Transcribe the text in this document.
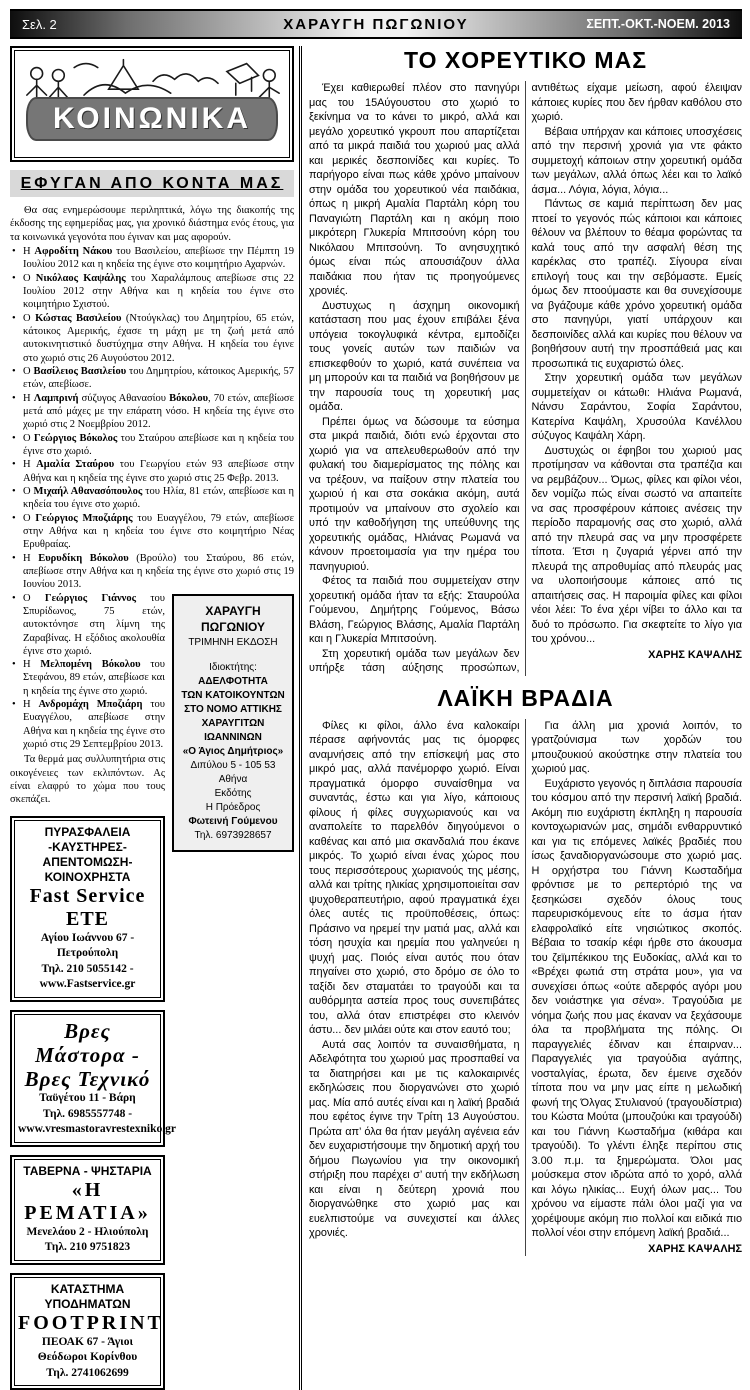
Σελ. 2	ΧΑΡΑΥΓΗ ΠΩΓΩΝΙΟΥ	ΣΕΠΤ.-ΟΚΤ.-ΝΟΕΜ. 2013
ΚΟΙΝΩΝΙΚΑ
ΕΦΥΓΑΝ ΑΠΟ ΚΟΝΤΑ ΜΑΣ

Θα σας ενημερώσουμε περιληπτικά, λόγω της διακοπής της έκδοσης της εφημερίδας μας, για χρονικό διάστημα ενός έτους, για τα κοινωνικά γεγονότα που έγιναν και μας αφορούν.

• Η Αφροδίτη Νάκου του Βασιλείου, απεβίωσε την Πέμπτη 19 Ιουλίου 2012 και η κηδεία της έγινε στο κοιμητήριο Αχαρνών.

• Ο Νικόλαος Καψάλης του Χαραλάμπους απεβίωσε στις 22 Ιουλίου 2012 στην Αθήνα και η κηδεία του έγινε στο κοιμητήριο Σχιστού.

• Ο Κώστας Βασιλείου (Ντούγκλας) του Δημητρίου, 65 ετών, κάτοικος Αμερικής, έχασε τη μάχη με τη ζωή μετά από αυτοκινητιστικό δυστύχημα στην Αθήνα. Η κηδεία του έγινε στο χωριό στις 26 Αυγούστου 2012.

• Ο Βασίλειος Βασιλείου του Δημητρίου, κάτοικος Αμερικής, 57 ετών, απεβίωσε.

• Η Λαμπρινή σύζυγος Αθανασίου Βόκολου, 70 ετών, απεβίωσε μετά από μάχες με την επάρατη νόσο. Η κηδεία της έγινε στο χωριό στις 2 Νοεμβρίου 2012.

• Ο Γεώργιος Βόκολος του Σταύρου απεβίωσε και η κηδεία του έγινε στο χωριό.

• Η Αμαλία Σταύρου του Γεωργίου ετών 93 απεβίωσε στην Αθήνα και η κηδεία της έγινε στο χωριό στις 25 Φεβρ. 2013.

• Ο Μιχαήλ Αθανασόπουλος του Ηλία, 81 ετών, απεβίωσε και η κηδεία του έγινε στο χωριό.

• Ο Γεώργιος Μποζιάρης του Ευαγγέλου, 79 ετών, απεβίωσε στην Αθήνα και η κηδεία του έγινε στο κοιμητήριο Νέας Ερυθραίας.

• Η Ευρυδίκη Βόκολου (Βρούλο) του Σταύρου, 86 ετών, απεβίωσε στην Αθήνα και η κηδεία της έγινε στο χωριό στις 19 Ιουνίου 2013.

ΧΑΡΑΥΓΗ
ΠΩΓΩΝΙΟΥ
ΤΡΙΜΗΝΗ ΕΚΔΟΣΗ
Ιδιοκτήτης:
ΑΔΕΛΦΟΤΗΤΑ
ΤΩΝ ΚΑΤΟΙΚΟΥΝΤΩΝ
ΣΤΟ ΝΟΜΟ ΑΤΤΙΚΗΣ
ΧΑΡΑΥΓΙΤΩΝ ΙΩΑΝΝΙΝΩΝ
«Ο Άγιος Δημήτριος»
Διπύλου 5 - 105 53 Αθήνα
Εκδότης
Η Πρόεδρος
Φωτεινή Γούμενου
Τηλ. 6973928657

• Ο Γεώργιος Γιάννος του Σπυρίδωνος, 75 ετών, αυτοκτόνησε στη λίμνη της Ζαραβίνας. Η εξόδιος ακολουθία έγινε στο χωριό.

• Η Μελπομένη Βόκολου του Στεφάνου, 89 ετών, απεβίωσε και η κηδεία της έγινε στο χωριό.

• Η Ανδρομάχη Μποζιάρη του Ευαγγέλου, απεβίωσε στην Αθήνα και η κηδεία της έγινε στο χωριό στις 29 Σεπτεμβρίου 2013.

Τα θερμά μας συλλυπητήρια στις οικογένειες των εκλιπόντων. Ας είναι ελαφρύ το χώμα που τους σκεπάζει.

ΠΥΡΑΣΦΑΛΕΙΑ -ΚΑΥΣΤΗΡΕΣ-ΑΠΕΝΤΟΜΩΣΗ-ΚΟΙΝΟΧΡΗΣΤΑ
Fast Service ETE
Αγίου Ιωάννου 67 - Πετρούπολη
Τηλ. 210 5055142 - www.Fastservice.gr
Βρες Μάστορα - Βρες Τεχνικό
Ταϋγέτου 11 - Βάρη
Τηλ. 6985557748 - www.vresmastoravrestexniko.gr
ΤΑΒΕΡΝΑ - ΨΗΣΤΑΡΙΑ
«Η ΡΕΜΑΤΙΑ»
Μενελάου 2 - Ηλιούπολη
Τηλ. 210 9751823
ΚΑΤΑΣΤΗΜΑ ΥΠΟΔΗΜΑΤΩΝ
FOOTPRINT
ΠΕΟΑΚ 67 - Άγιοι Θεόδωροι Κορίνθου
Τηλ. 2741062699
ΤΟ ΧΟΡΕΥΤΙΚΟ ΜΑΣ

Έχει καθιερωθεί πλέον στο πανηγύρι μας του 15Αύγουστου στο χωριό το ξεκίνημα να το κάνει το μικρό, αλλά και μεγάλο χορευτικό γκρουπ που απαρτίζεται από τα μικρά παιδιά του χωριού μας αλλά και μερικές δεσποινίδες και κυρίες. Το παρήγορο είναι πως κάθε χρόνο μπαίνουν στην ομάδα του χορευτικού νέα παιδάκια, όπως η μικρή Αμαλία Παρτάλη κόρη του Παναγιώτη Παρτάλη και η ακόμη ποιο μικρότερη Γλυκερία Μπιτσούνη κόρη του Νικόλαου Μπιτσούνη. Το ανησυχητικό όμως είναι πώς απουσιάζουν άλλα παιδάκια που ήταν τις προηγούμενες χρονιές.

Δυστυχως η άσχημη οικονομική κατάσταση που μας έχουν επιβάλει ξένα υπόγεια τοκογλυφικά κέντρα, εμποδίζει τους γονείς αυτών των παιδιών να επισκεφθούν το χωριό, κατά συνέπεια να μη μπορούν και τα παιδιά να βοηθήσουν με την παρουσία τους τη χορευτική μας ομάδα.

Πρέπει όμως να δώσουμε τα εύσημα στα μικρά παιδιά, διότι ενώ έρχονται στο χωριό για να απελευθερωθούν από την φυλακή του διαμερίσματος της πόλης και να τρέξουν, να παίξουν στην πλατεία του χωριού ή και στα σοκάκια ακόμη, αυτά προτιμούν να μπαίνουν στο σχολείο και υπό την καθοδήγηση της υπεύθυνης της χορευτικής ομάδας, Ηλιάνας Ρωμανά να κάνουν προετοιμασία για την ημέρα του πανηγυριού.

Φέτος τα παιδιά που συμμετείχαν στην χορευτική ομάδα ήταν τα εξής: Σταυρούλα Γούμενου, Δημήτρης Γούμενος, Βάσω Βλάση, Γεώργιος Βλάσης, Αμαλία Παρτάλη και η Γλυκερία Μπιτσούνη.

Στη χορευτική ομάδα των μεγάλων δεν υπήρξε τάση αύξησης προσώπων, αντιθέτως είχαμε μείωση, αφού έλειψαν κάποιες κυρίες που δεν ήρθαν καθόλου στο χωριό.

Βέβαια υπήρχαν και κάποιες υποσχέσεις από την περσινή χρονιά για ντε φάκτο συμμετοχή κάποιων στην χορευτική ομάδα των μεγάλων, αλλά όπως λέει και το λαϊκό άσμα... Λόγια, λόγια, λόγια...

Πάντως σε καμιά περίπτωση δεν μας πτοεί το γεγονός πώς κάποιοι και κάποιες θέλουν να βλέπουν το θέαμα φορώντας τα καλά τους από την ασφαλή θέση της καρέκλας στο τραπέζι. Σίγουρα είναι επιλογή τους και την σεβόμαστε. Εμείς όμως δεν πτοούμαστε και θα συνεχίσουμε να βγάζουμε κάθε χρόνο χορευτική ομάδα στο πανηγύρι, γιατί υπάρχουν και δεσποινίδες αλλά και κυρίες που θέλουν να βοηθήσουν αυτή την προσπάθειά μας και προσωπικά τις ευχαριστώ όλες.

Στην χορευτική ομάδα των μεγάλων συμμετείχαν οι κάτωθι: Ηλιάνα Ρωμανά, Νάνσυ Σαράντου, Σοφία Σαράντου, Κατερίνα Καψάλη, Χρυσούλα Κανέλλου σύζυγος Καψάλη Χάρη.

Δυστυχώς οι έφηβοι του χωριού μας προτίμησαν να κάθονται στα τραπέζια και να ρεμβάζουν... Όμως, φίλες και φίλοι νέοι, δεν νομίζω πώς είναι σωστό να απαιτείτε να σας προσφέρουν κάποιες ανέσεις την περίοδο παραμονής σας στο χωριό, αλλά από την πλευρά σας να μην προσφέρετε τίποτα. Έτσι η ζυγαριά γέρνει από την πλευρά της απροθυμίας από πλευράς μας να υλοποιήσουμε κάποιες από τις απαιτήσεις σας. Η παροιμία φίλες και φίλοι νέοι λέει: Το ένα χέρι νίβει το άλλο και τα δυό το πρόσωπο. Για σκεφτείτε το λίγο για του χρόνου...

ΧΑΡΗΣ ΚΑΨΑΛΗΣ

ΛΑΪΚΗ ΒΡΑΔΙΑ

Φίλες κι φίλοι, άλλο ένα καλοκαίρι πέρασε αφήνοντάς μας τις όμορφες αναμνήσεις από την επίσκεψή μας στο μικρό μας, αλλά πανέμορφο χωριό. Είναι πραγματικά όμορφο συναίσθημα να συναντάς, έστω και για λίγο, κάποιους φίλους ή φίλες συγχωριανούς και να αναπολείτε το παρελθόν διηγούμενοι ο καθένας και από μια σκανδαλιά που έκανε μικρός. Το χωριό είναι ένας χώρος που τους περισσότερους χωριανούς της μέσης, αλλά και τρίτης ηλικίας χρησιμοποιείται σαν ψυχοθεραπευτήριο, αφού πραγματικά έχει όλες αυτές τις προϋποθέσεις, όπως: Πράσινο να ηρεμεί την ματιά μας, αλλά και τόση ησυχία και ηρεμία που γαληνεύει η ψυχή μας. Ποιός είναι αυτός που όταν πηγαίνει στο χωριό, στο δρόμο σε όλο το ταξίδι δεν σταματάει το τραγούδι και τα αυθόρμητα αστεία προς τους συνεπιβάτες του, αλλά όταν επιστρέφει στο κλεινόν άστυ... δεν μιλάει ούτε και στον εαυτό του;

Αυτά σας λοιπόν τα συναισθήματα, η Αδελφότητα του χωριού μας προσπαθεί να τα διατηρήσει και με τις καλοκαιρινές εκδηλώσεις που διοργανώνει στο χωριό μας. Μία από αυτές είναι και η λαϊκή βραδιά που εφέτος έγινε την Τρίτη 13 Αυγούστου. Πρώτα απ’ όλα θα ήταν μεγάλη αγένεια εάν δεν ευχαριστήσουμε την δημοτική αρχή του δήμου Πωγωνίου για την οικονομική στήριξη που παρέχει σ’ αυτή την εκδήλωση και είναι η δεύτερη χρονιά που διοργανώθηκε στο χωριό μας και ευελπιστούμε να συνεχιστεί και άλλες χρονιές.

Για άλλη μια χρονιά λοιπόν, το γρατζούνισμα των χορδών του μπουζουκιού ακούστηκε στην πλατεία του χωριού μας.

Ευχάριστο γεγονός η διπλάσια παρουσία του κόσμου από την περσινή λαϊκή βραδιά. Ακόμη πιο ευχάριστη έκπληξη η παρουσία κοντοχωριανών μας, σημάδι ενθαρρυντικό και για τις επόμενες λαϊκές βραδιές που ίσως ξαναδιοργανώσουμε στο χωριό μας. Η ορχήστρα του Γιάννη Κωσταδήμα φρόντισε με το ρεπερτόριό της να ξεσηκώσει σχεδόν όλους τους παρευρισκόμενους είτε το άσμα ήταν ελαφρολαϊκό είτε νησιώτικος σκοπός. Βέβαια το τσακίρ κέφι ήρθε στο άκουσμα του ζεϊμπέκικου της Ευδοκίας, αλλά και το «Βρέχει φωτιά στη στράτα μου», για να συνεχίσει όπως «ούτε αδερφός αγόρι μου δεν νοιάστηκε για σένα». Τραγούδια με νόημα ζωής που μας έκαναν να ξεχάσουμε όλα τα προβλήματα της πόλης. Οι παραγγελιές έδιναν και έπαιρναν... Παραγγελιές για τραγούδια αγάπης, νοσταλγίας, έρωτα, δεν έμεινε σχεδόν τίποτα που να μην μας είπε η μελωδική φωνή της Όλγας Στυλιανού (τραγουδίστρια) του Κώστα Μούτα (μπουζούκι και τραγούδι) και του Γιάννη Κωσταδήμα (κιθάρα και τραγούδι). Το γλέντι έληξε περίπου στις 3.00 π.μ. τα ξημερώματα. Όλοι μας μούσκεμα στον ιδρώτα από το χορό, αλλά και λόγω ηλικίας... Ευχή όλων μας... Του χρόνου να είμαστε πάλι όλοι μαζί για να χορέψουμε ακόμη πιο πολλοί και ειδικά πιο πολλοί νέοι στην επόμενη λαϊκή βραδιά...

ΧΑΡΗΣ ΚΑΨΑΛΗΣ
